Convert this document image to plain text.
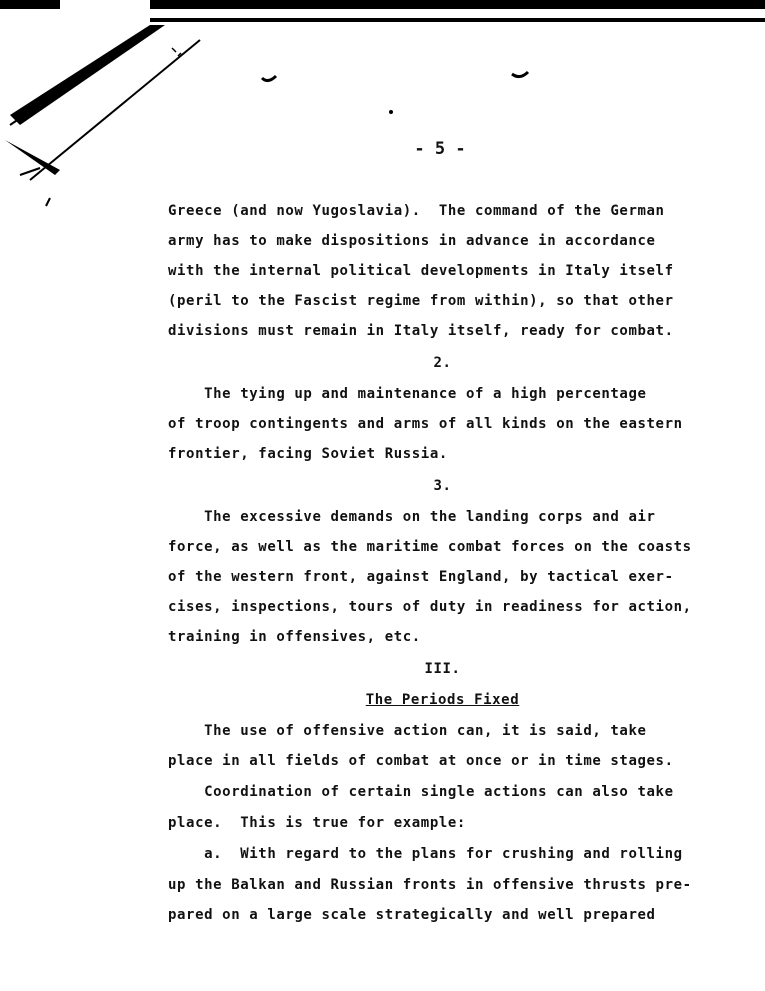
- 5 -
Greece (and now Yugoslavia).  The command of the German
army has to make dispositions in advance in accordance
with the internal political developments in Italy itself
(peril to the Fascist regime from within), so that other
divisions must remain in Italy itself, ready for combat.
2.
The tying up and maintenance of a high percentage
of troop contingents and arms of all kinds on the eastern
frontier, facing Soviet Russia.
3.
The excessive demands on the landing corps and air
force, as well as the maritime combat forces on the coasts
of the western front, against England, by tactical exer-
cises, inspections, tours of duty in readiness for action,
training in offensives, etc.
III.
The Periods Fixed
The use of offensive action can, it is said, take
place in all fields of combat at once or in time stages.
Coordination of certain single actions can also take
place.  This is true for example:
a.  With regard to the plans for crushing and rolling
up the Balkan and Russian fronts in offensive thrusts pre-
pared on a large scale strategically and well prepared
